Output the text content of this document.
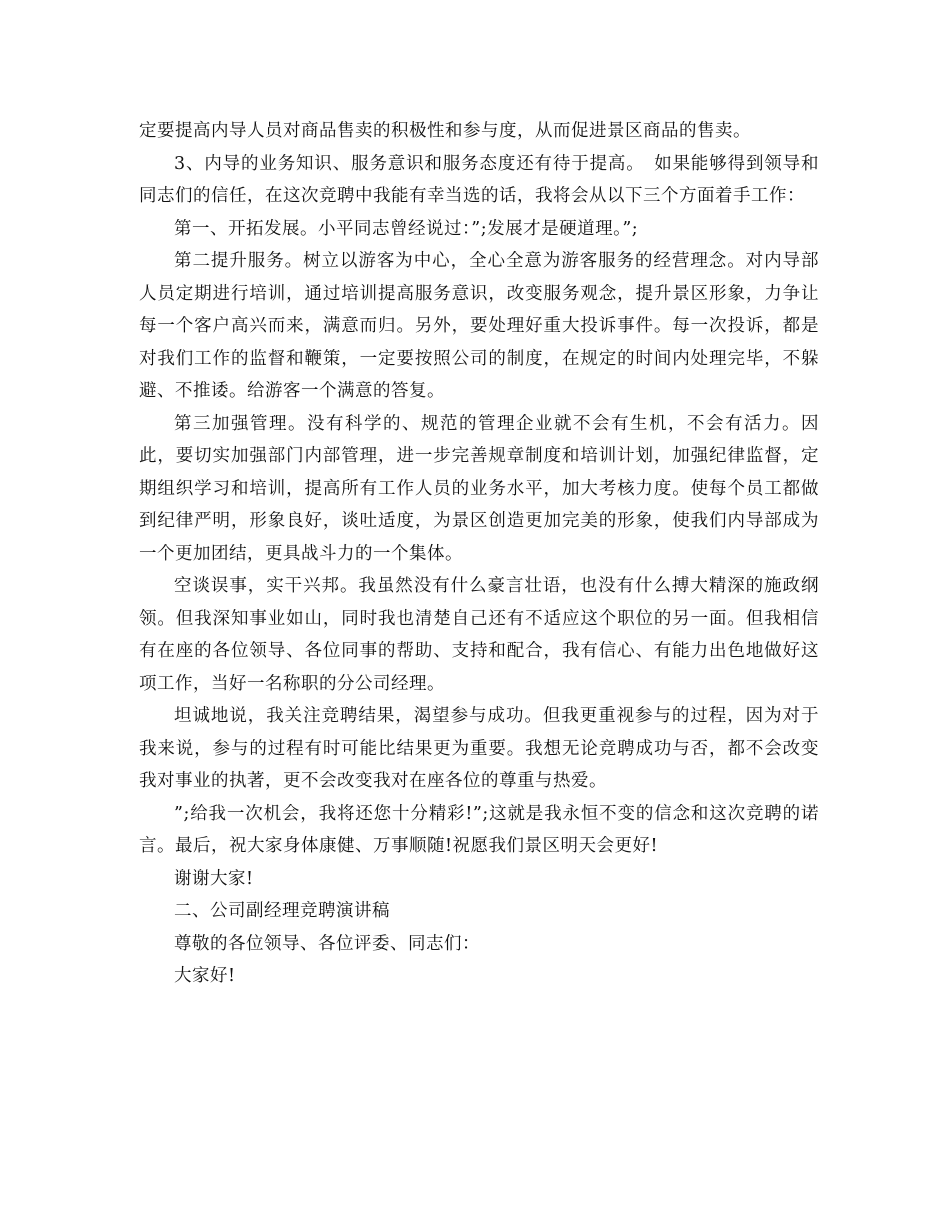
定要提高内导人员对商品售卖的积极性和参与度，从而促进景区商品的售卖。

3、内导的业务知识、服务意识和服务态度还有待于提高。　如果能够得到领导和同志们的信任，在这次竞聘中我能有幸当选的话，我将会从以下三个方面着手工作：

第一、开拓发展。小平同志曾经说过：”;发展才是硬道理。”;

第二提升服务。树立以游客为中心，全心全意为游客服务的经营理念。对内导部人员定期进行培训，通过培训提高服务意识，改变服务观念，提升景区形象，力争让每一个客户高兴而来，满意而归。另外，要处理好重大投诉事件。每一次投诉，都是对我们工作的监督和鞭策，一定要按照公司的制度，在规定的时间内处理完毕，不躲避、不推诿。给游客一个满意的答复。

第三加强管理。没有科学的、规范的管理企业就不会有生机，不会有活力。因此，要切实加强部门内部管理，进一步完善规章制度和培训计划，加强纪律监督，定期组织学习和培训，提高所有工作人员的业务水平，加大考核力度。使每个员工都做到纪律严明，形象良好，谈吐适度，为景区创造更加完美的形象，使我们内导部成为一个更加团结，更具战斗力的一个集体。

空谈误事，实干兴邦。我虽然没有什么豪言壮语，也没有什么搏大精深的施政纲领。但我深知事业如山，同时我也清楚自己还有不适应这个职位的另一面。但我相信有在座的各位领导、各位同事的帮助、支持和配合，我有信心、有能力出色地做好这项工作，当好一名称职的分公司经理。

坦诚地说，我关注竞聘结果，渴望参与成功。但我更重视参与的过程，因为对于我来说，参与的过程有时可能比结果更为重要。我想无论竞聘成功与否，都不会改变我对事业的执著，更不会改变我对在座各位的尊重与热爱。

”;给我一次机会，我将还您十分精彩!”;这就是我永恒不变的信念和这次竞聘的诺言。最后，祝大家身体康健、万事顺随!祝愿我们景区明天会更好!

谢谢大家!

二、公司副经理竞聘演讲稿

尊敬的各位领导、各位评委、同志们：

大家好!
